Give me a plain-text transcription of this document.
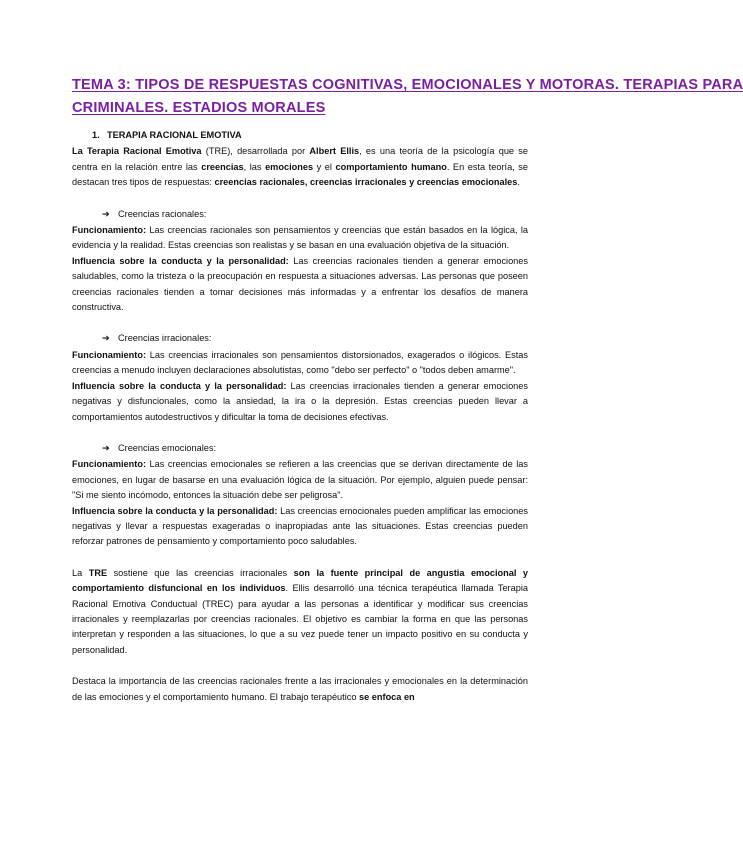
TEMA 3: TIPOS DE RESPUESTAS COGNITIVAS, EMOCIONALES Y MOTORAS. TERAPIAS PARA
CRIMINALES. ESTADIOS MORALES
1. TERAPIA RACIONAL EMOTIVA

La Terapia Racional Emotiva (TRE), desarrollada por Albert Ellis, es una teoría de la psicología que se centra en la relación entre las creencias, las emociones y el comportamiento humano. En esta teoría, se destacan tres tipos de respuestas: creencias racionales, creencias irracionales y creencias emocionales.

➔ Creencias racionales:

Funcionamiento: Las creencias racionales son pensamientos y creencias que están basados en la lógica, la evidencia y la realidad. Estas creencias son realistas y se basan en una evaluación objetiva de la situación.

Influencia sobre la conducta y la personalidad: Las creencias racionales tienden a generar emociones saludables, como la tristeza o la preocupación en respuesta a situaciones adversas. Las personas que poseen creencias racionales tienden a tomar decisiones más informadas y a enfrentar los desafíos de manera constructiva.

➔ Creencias irracionales:

Funcionamiento: Las creencias irracionales son pensamientos distorsionados, exagerados o ilógicos. Estas creencias a menudo incluyen declaraciones absolutistas, como "debo ser perfecto" o "todos deben amarme".

Influencia sobre la conducta y la personalidad: Las creencias irracionales tienden a generar emociones negativas y disfuncionales, como la ansiedad, la ira o la depresión. Estas creencias pueden llevar a comportamientos autodestructivos y dificultar la toma de decisiones efectivas.

➔ Creencias emocionales:

Funcionamiento: Las creencias emocionales se refieren a las creencias que se derivan directamente de las emociones, en lugar de basarse en una evaluación lógica de la situación. Por ejemplo, alguien puede pensar: "Si me siento incómodo, entonces la situación debe ser peligrosa".

Influencia sobre la conducta y la personalidad: Las creencias emocionales pueden amplificar las emociones negativas y llevar a respuestas exageradas o inapropiadas ante las situaciones. Estas creencias pueden reforzar patrones de pensamiento y comportamiento poco saludables.

La TRE sostiene que las creencias irracionales son la fuente principal de angustia emocional y comportamiento disfuncional en los individuos. Ellis desarrolló una técnica terapéutica llamada Terapia Racional Emotiva Conductual (TREC) para ayudar a las personas a identificar y modificar sus creencias irracionales y reemplazarlas por creencias racionales. El objetivo es cambiar la forma en que las personas interpretan y responden a las situaciones, lo que a su vez puede tener un impacto positivo en su conducta y personalidad.

Destaca la importancia de las creencias racionales frente a las irracionales y emocionales en la determinación de las emociones y el comportamiento humano. El trabajo terapéutico se enfoca en
